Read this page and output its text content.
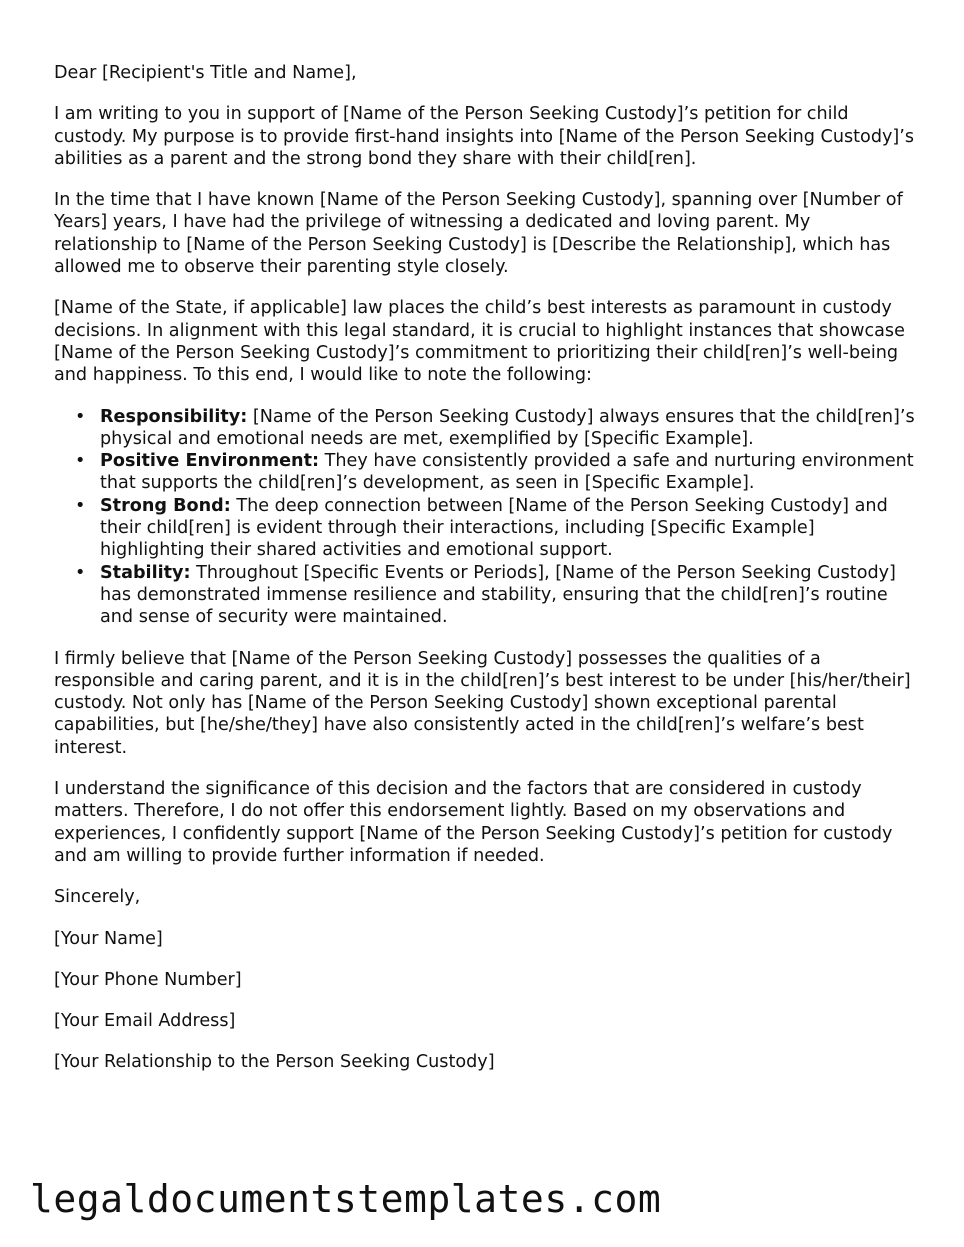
Dear [Recipient's Title and Name],

I am writing to you in support of [Name of the Person Seeking Custody]’s petition for child custody. My purpose is to provide first-hand insights into [Name of the Person Seeking Custody]’s abilities as a parent and the strong bond they share with their child[ren].

In the time that I have known [Name of the Person Seeking Custody], spanning over [Number of Years] years, I have had the privilege of witnessing a dedicated and loving parent. My relationship to [Name of the Person Seeking Custody] is [Describe the Relationship], which has allowed me to observe their parenting style closely.

[Name of the State, if applicable] law places the child’s best interests as paramount in custody decisions. In alignment with this legal standard, it is crucial to highlight instances that showcase [Name of the Person Seeking Custody]’s commitment to prioritizing their child[ren]’s well-being and happiness. To this end, I would like to note the following:

• Responsibility: [Name of the Person Seeking Custody] always ensures that the child[ren]’s physical and emotional needs are met, exemplified by [Specific Example].
• Positive Environment: They have consistently provided a safe and nurturing environment that supports the child[ren]’s development, as seen in [Specific Example].
• Strong Bond: The deep connection between [Name of the Person Seeking Custody] and their child[ren] is evident through their interactions, including [Specific Example] highlighting their shared activities and emotional support.
• Stability: Throughout [Specific Events or Periods], [Name of the Person Seeking Custody] has demonstrated immense resilience and stability, ensuring that the child[ren]’s routine and sense of security were maintained.

I firmly believe that [Name of the Person Seeking Custody] possesses the qualities of a responsible and caring parent, and it is in the child[ren]’s best interest to be under [his/her/their] custody. Not only has [Name of the Person Seeking Custody] shown exceptional parental capabilities, but [he/she/they] have also consistently acted in the child[ren]’s welfare’s best interest.

I understand the significance of this decision and the factors that are considered in custody matters. Therefore, I do not offer this endorsement lightly. Based on my observations and experiences, I confidently support [Name of the Person Seeking Custody]’s petition for custody and am willing to provide further information if needed.

Sincerely,

[Your Name]

[Your Phone Number]

[Your Email Address]

[Your Relationship to the Person Seeking Custody]

legaldocumentstemplates.com
